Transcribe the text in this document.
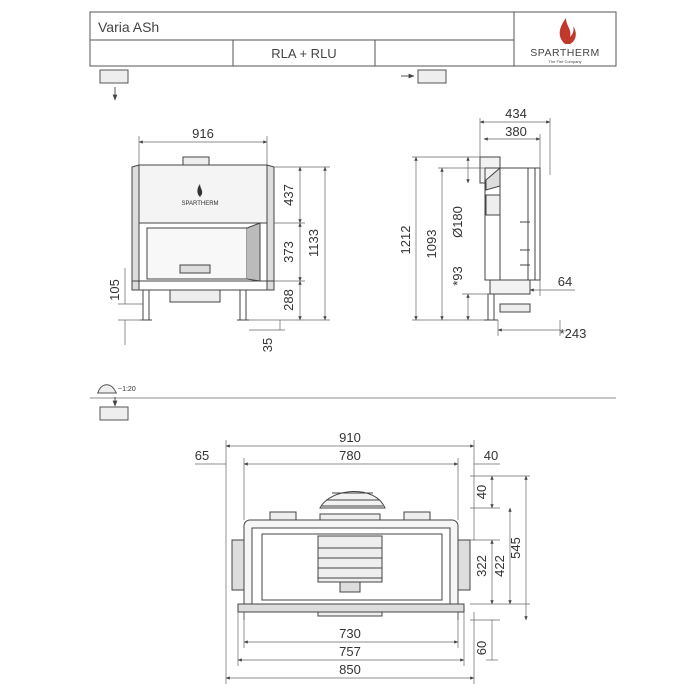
Varia ASh
RLA + RLU	SPARTHERM
The Fire Company
SPARTHERM
916
437
373 1133
288
105
35
434
380
1212 1093
Ø180
*93	64
*243
~1:20
910
780
65	40
40
322 422
545
60
730
757
850
